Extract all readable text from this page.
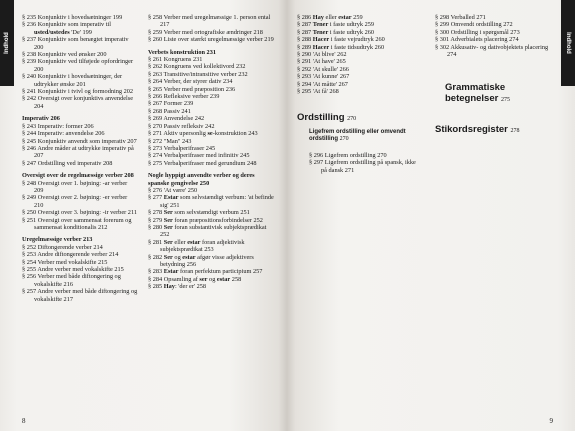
Indhold
§ 235 Konjunktiv i hovedsætninger 199
§ 236 Konjunktiv som imperativ til usted/ustedes 'De' 199
§ 237 Konjunktiv som benægtet imperativ 200
§ 238 Konjunktiv ved ønsker 200
§ 239 Konjunktiv ved tilføjede opfordringer 200
§ 240 Konjunktiv i hovedsætninger, der udtrykker ønske 201
§ 241 Konjunktiv i tvivl og formodning 202
§ 242 Oversigt over konjunktivs anvendelse 204
Imperativ 206
§ 243 Imperativ: former 206
§ 244 Imperativ: anvendelse 206
§ 245 Konjunktiv anvendt som imperativ 207
§ 246 Andre måder at udtrykke imperativ på 207
§ 247 Ordstilling ved imperativ 208
Oversigt over de regelmæssige verber 208
§ 248 Oversigt over 1. bøjning: -ar verber 209
§ 249 Oversigt over 2. bøjning: -er verber 210
§ 250 Oversigt over 3. bøjning: -ir verber 211
§ 251 Oversigt over sammensat forerum og sammensat konditionalis 212
Uregelmæssige verber 213
§ 252 Diftongerende verber 214
§ 253 Andre diftongerende verber 214
§ 254 Verber med vokalskifte 215
§ 255 Andre verber med vokalskifte 215
§ 256 Verber med både diftongering og vokalskifte 216
§ 257 Andre verber med både diftongering og vokalskifte 217
§ 258 Verber med uregelmæssige 1. person ental 217
§ 259 Verber med ortografiske ændringer 218
§ 260 Liste over stærkt uregelmæssige verber 219
Verbets konstruktion 231
§ 261 Kongruens 231
§ 262 Kongruens ved kollektivord 232
§ 263 Transitive/intransitive verber 232
§ 264 Verber, der styrer dativ 234
§ 265 Verber med præposition 236
§ 266 Refleksive verber 239
§ 267 Former 239
§ 268 Passiv 241
§ 269 Anvendelse 242
§ 270 Passiv refleksiv 242
§ 271 Aktiv upersonlig se-konstruktion 243
§ 272 "Man" 243
§ 273 Verbalperifraser 245
§ 274 Verbalperifraser med infinitiv 245
§ 275 Verbalperifraser med gerundium 248
Nogle hyppigt anvendte verber og deres spanske gengivelse 250
§ 276 'At være' 250
§ 277 Estar som selvstændigt verbum: 'at befinde sig' 251
§ 278 Ser som selvstændigt verbum 251
§ 279 Ser foran præpositionsforbindelser 252
§ 280 Ser foran substantivisk subjektsprædikat 252
§ 281 Ser eller estar foran adjektivisk subjektsprædikat 253
§ 282 Ser og estar afgør visse adjektivers betydning 256
§ 283 Estar foran perfektum participium 257
§ 284 Opsamling af ser og estar 258
§ 285 Hay: 'der er' 258
8
Indhold
§ 286 Hay eller estar 259
§ 287 Tener i faste udtryk 259
§ 287 Tener i faste udtryk 260
§ 288 Hacer i faste vejrudtryk 260
§ 289 Hacer i faste tidsudtryk 260
§ 290 'At blive' 262
§ 291 'At have' 265
§ 292 'At skulle' 266
§ 293 'At kunne' 267
§ 294 'At måtte' 267
§ 295 'At få' 268
Ordstilling 270
Ligefrem ordstilling eller omvendt ordstilling 270
§ 296 Ligefrem ordstilling 270
§ 297 Ligefrem ordstilling på spansk, ikke på dansk 271
§ 298 Verballed 271
§ 299 Omvendt ordstilling 272
§ 300 Ordstilling i spørgsmål 273
§ 301 Adverbialets placering 274
§ 302 Akkusativ- og dativobjektets placering 274
Grammatiske betegnelser 275
Stikordsregister 278
9
